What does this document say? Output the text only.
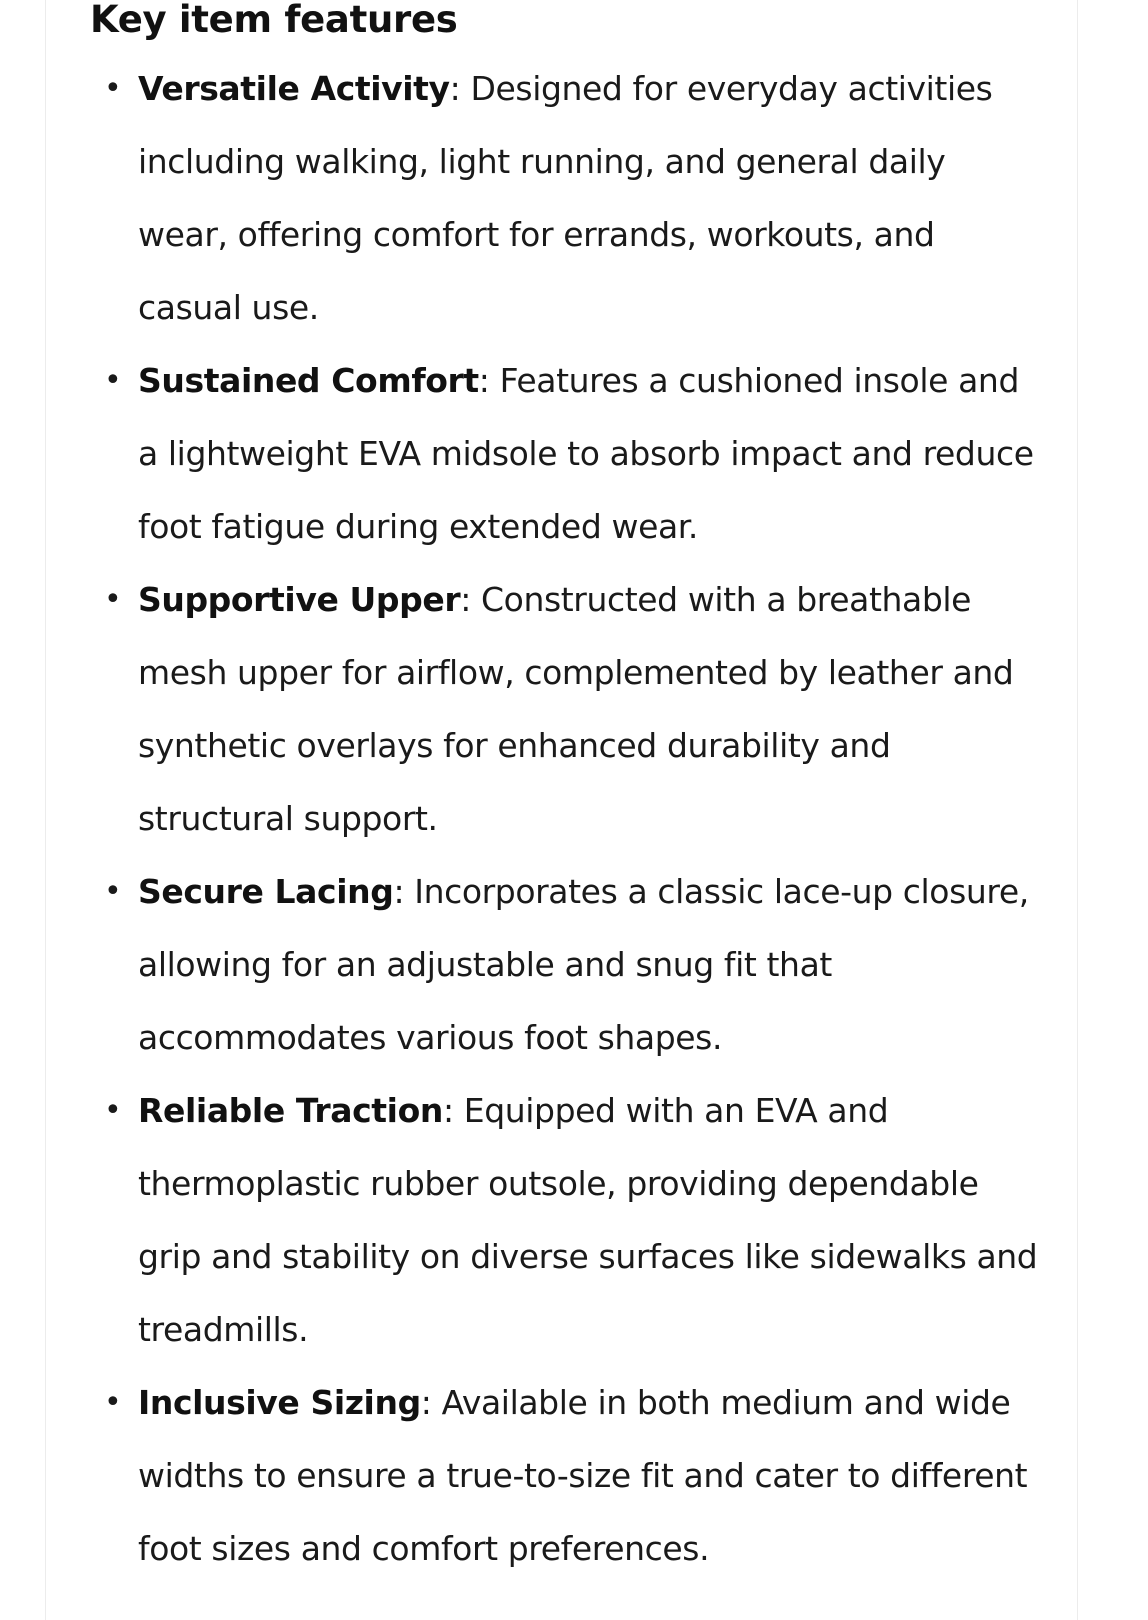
Key item features
• Versatile Activity: Designed for everyday activities including walking, light running, and general daily wear, offering comfort for errands, workouts, and casual use.
• Sustained Comfort: Features a cushioned insole and a lightweight EVA midsole to absorb impact and reduce foot fatigue during extended wear.
• Supportive Upper: Constructed with a breathable mesh upper for airflow, complemented by leather and synthetic overlays for enhanced durability and structural support.
• Secure Lacing: Incorporates a classic lace-up closure, allowing for an adjustable and snug fit that accommodates various foot shapes.
• Reliable Traction: Equipped with an EVA and thermoplastic rubber outsole, providing dependable grip and stability on diverse surfaces like sidewalks and treadmills.
• Inclusive Sizing: Available in both medium and wide widths to ensure a true-to-size fit and cater to different foot sizes and comfort preferences.
